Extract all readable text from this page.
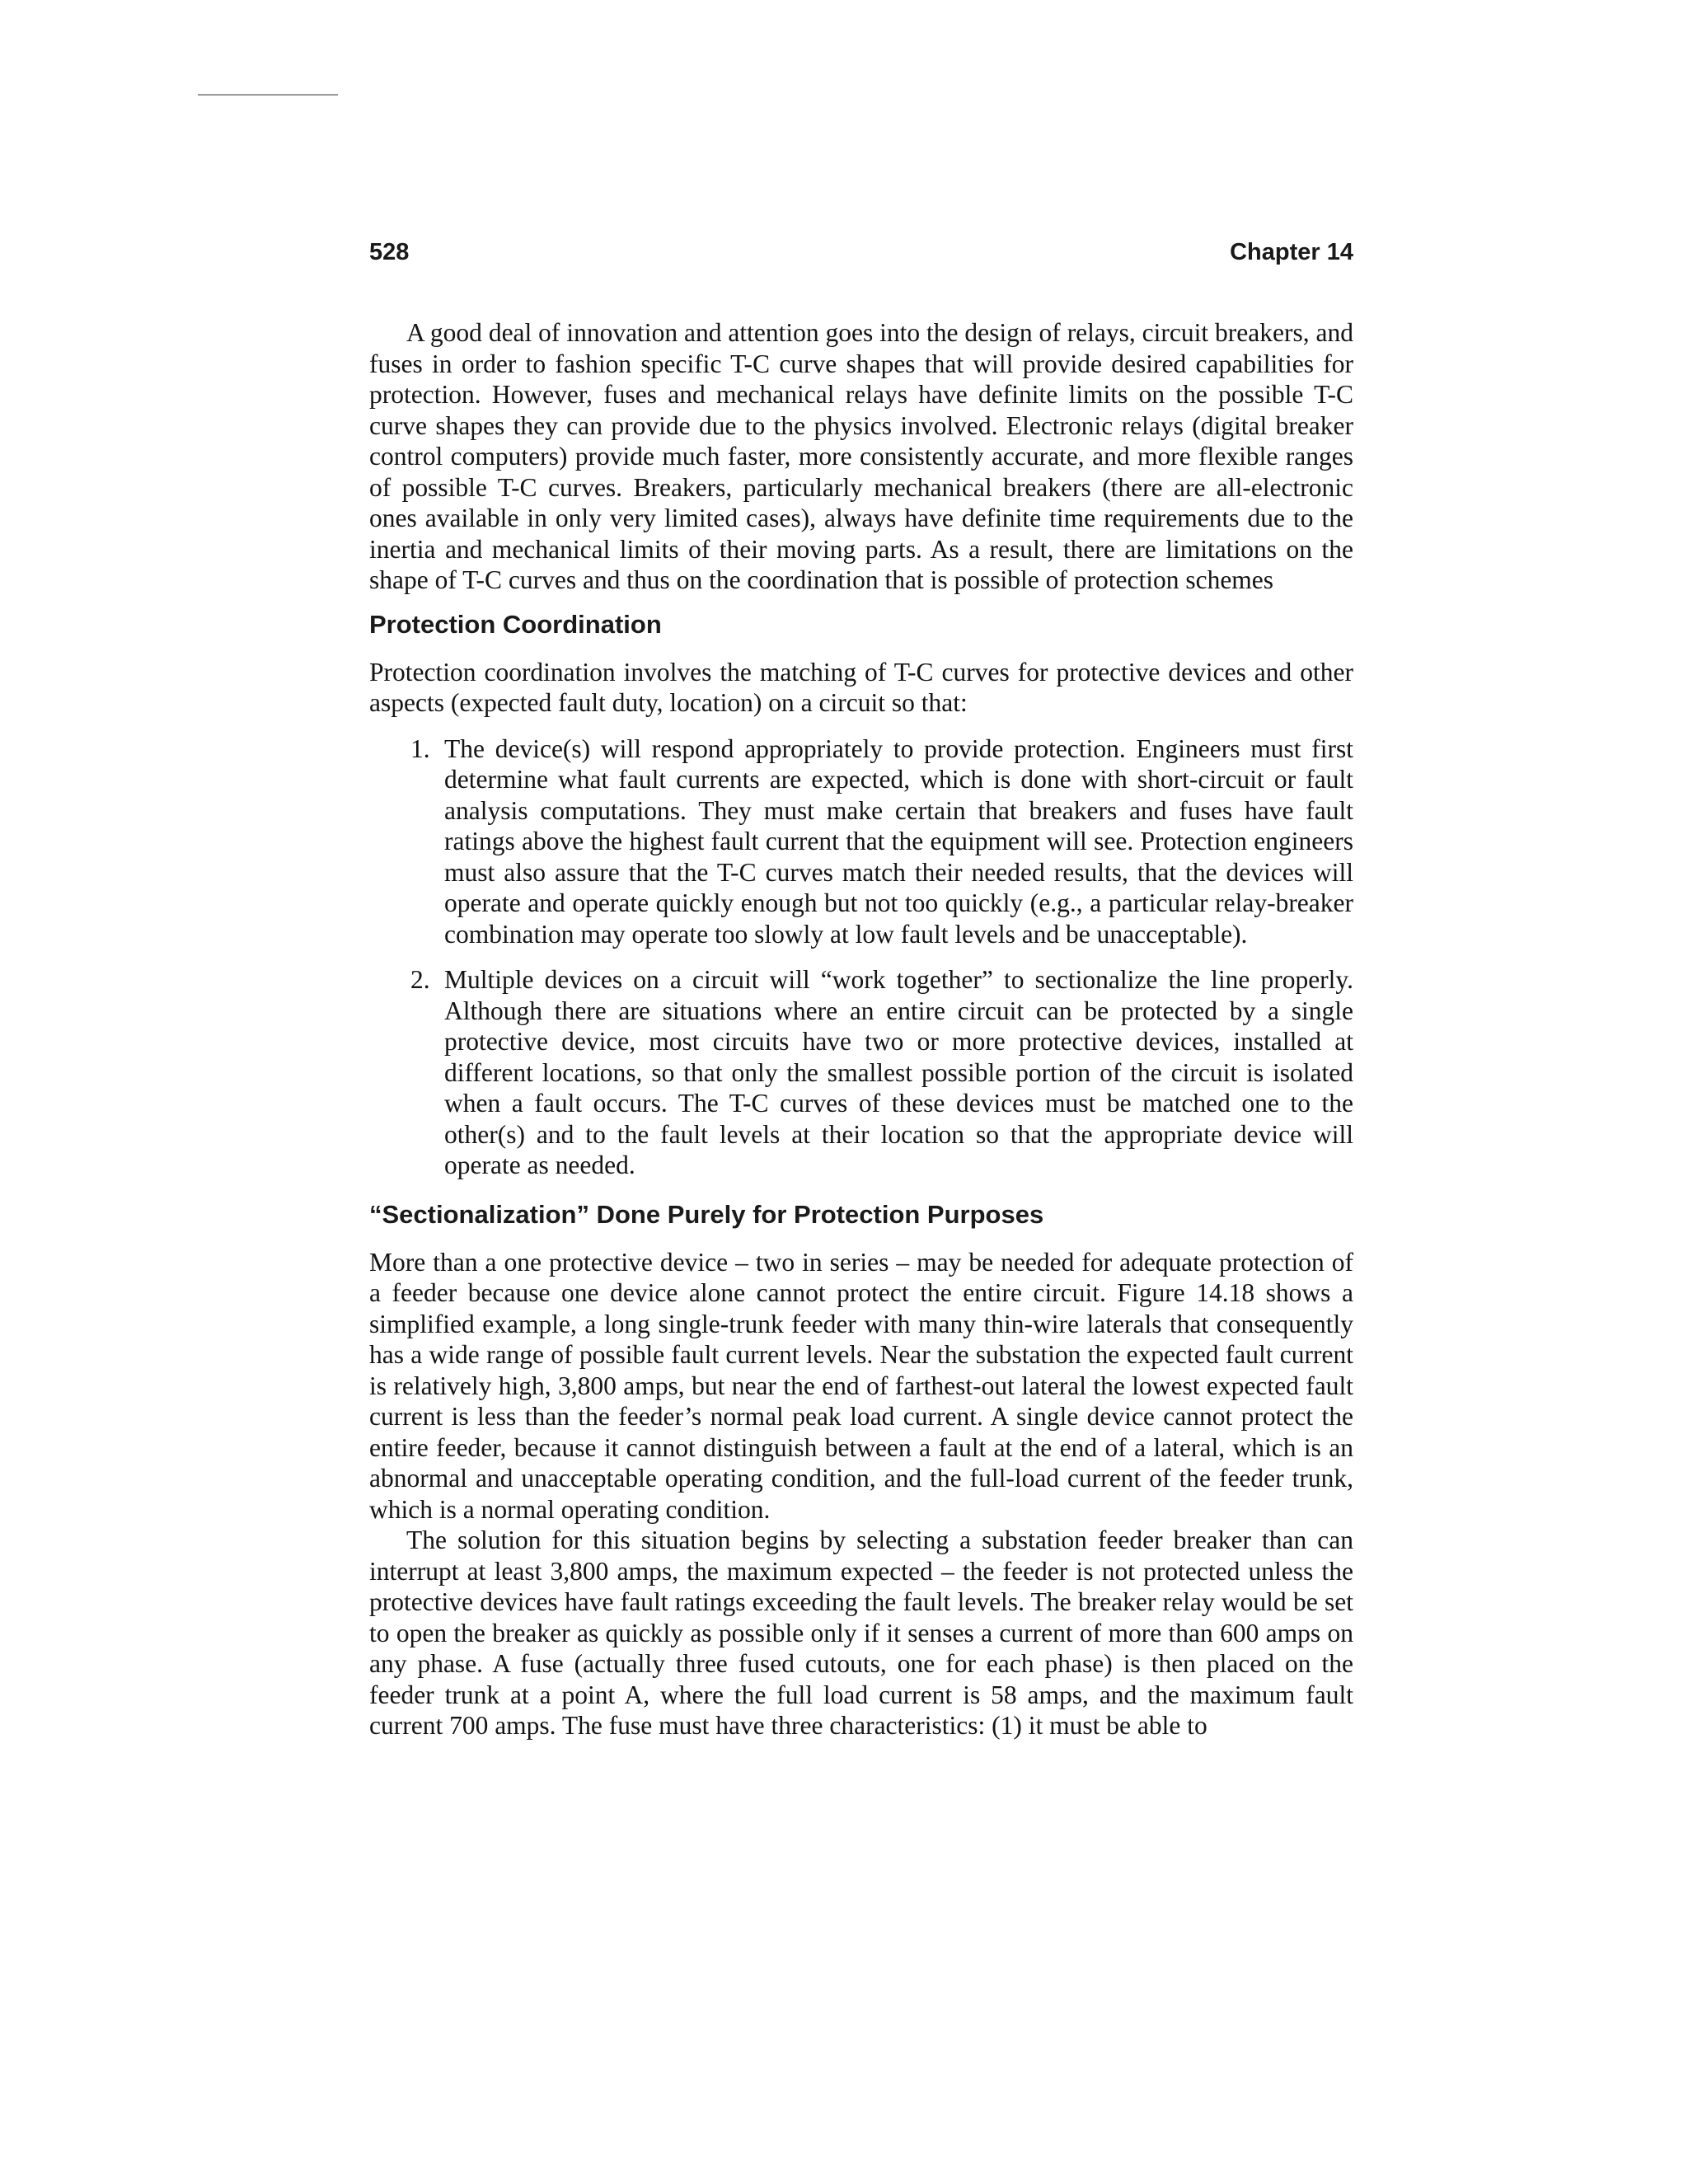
528	Chapter 14

A good deal of innovation and attention goes into the design of relays, circuit breakers, and fuses in order to fashion specific T-C curve shapes that will provide desired capabilities for protection. However, fuses and mechanical relays have definite limits on the possible T-C curve shapes they can provide due to the physics involved. Electronic relays (digital breaker control computers) provide much faster, more consistently accurate, and more flexible ranges of possible T-C curves. Breakers, particularly mechanical breakers (there are all-electronic ones available in only very limited cases), always have definite time requirements due to the inertia and mechanical limits of their moving parts. As a result, there are limitations on the shape of T-C curves and thus on the coordination that is possible of protection schemes

Protection Coordination

Protection coordination involves the matching of T-C curves for protective devices and other aspects (expected fault duty, location) on a circuit so that:

1. The device(s) will respond appropriately to provide protection. Engineers must first determine what fault currents are expected, which is done with short-circuit or fault analysis computations. They must make certain that breakers and fuses have fault ratings above the highest fault current that the equipment will see. Protection engineers must also assure that the T-C curves match their needed results, that the devices will operate and operate quickly enough but not too quickly (e.g., a particular relay-breaker combination may operate too slowly at low fault levels and be unacceptable).
2. Multiple devices on a circuit will “work together” to sectionalize the line properly. Although there are situations where an entire circuit can be protected by a single protective device, most circuits have two or more protective devices, installed at different locations, so that only the smallest possible portion of the circuit is isolated when a fault occurs. The T-C curves of these devices must be matched one to the other(s) and to the fault levels at their location so that the appropriate device will operate as needed.
“Sectionalization” Done Purely for Protection Purposes

More than a one protective device – two in series – may be needed for adequate protection of a feeder because one device alone cannot protect the entire circuit. Figure 14.18 shows a simplified example, a long single-trunk feeder with many thin-wire laterals that consequently has a wide range of possible fault current levels. Near the substation the expected fault current is relatively high, 3,800 amps, but near the end of farthest-out lateral the lowest expected fault current is less than the feeder’s normal peak load current. A single device cannot protect the entire feeder, because it cannot distinguish between a fault at the end of a lateral, which is an abnormal and unacceptable operating condition, and the full-load current of the feeder trunk, which is a normal operating condition.

The solution for this situation begins by selecting a substation feeder breaker than can interrupt at least 3,800 amps, the maximum expected – the feeder is not protected unless the protective devices have fault ratings exceeding the fault levels. The breaker relay would be set to open the breaker as quickly as possible only if it senses a current of more than 600 amps on any phase. A fuse (actually three fused cutouts, one for each phase) is then placed on the feeder trunk at a point A, where the full load current is 58 amps, and the maximum fault current 700 amps. The fuse must have three characteristics: (1) it must be able to
